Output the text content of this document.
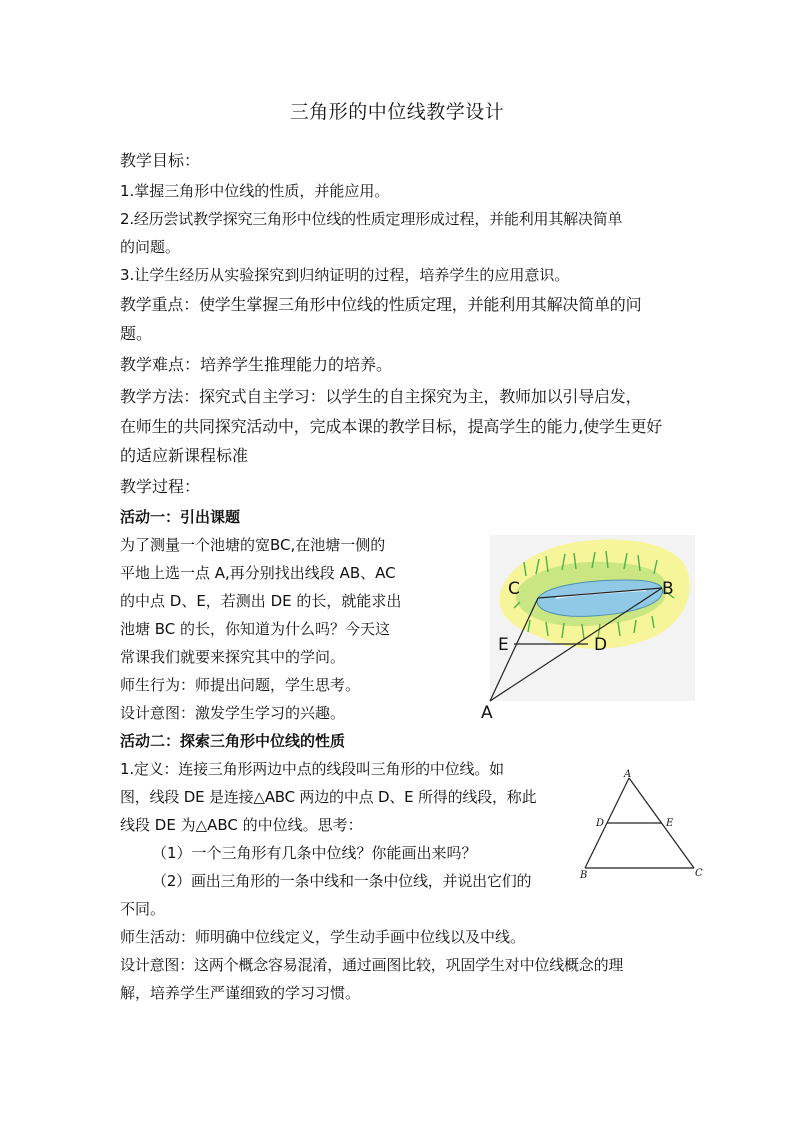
三角形的中位线教学设计
教学目标：
1.掌握三角形中位线的性质，并能应用。
2.经历尝试教学探究三角形中位线的性质定理形成过程，并能利用其解决简单
的问题。
3.让学生经历从实验探究到归纳证明的过程，培养学生的应用意识。
教学重点：使学生掌握三角形中位线的性质定理，并能利用其解决简单的问
题。
教学难点：培养学生推理能力的培养。
教学方法：探究式自主学习：以学生的自主探究为主，教师加以引导启发，
在师生的共同探究活动中，完成本课的教学目标，提高学生的能力,使学生更好
的适应新课程标准
教学过程：
活动一：引出课题
为了测量一个池塘的宽BC,在池塘一侧的
平地上选一点 A,再分别找出线段 AB、AC
的中点 D、E，若测出 DE 的长，就能求出
池塘 BC 的长，你知道为什么吗？今天这
常课我们就要来探究其中的学问。
师生行为：师提出问题，学生思考。
设计意图：激发学生学习的兴趣。
活动二：探索三角形中位线的性质
1.定义：连接三角形两边中点的线段叫三角形的中位线。如
图，线段 DE 是连接△ABC 两边的中点 D、E 所得的线段，称此
线段 DE 为△ABC 的中位线。思考：
（1）一个三角形有几条中位线？你能画出来吗？
（2）画出三角形的一条中线和一条中位线，并说出它们的
不同。
师生活动：师明确中位线定义，学生动手画中位线以及中线。
设计意图：这两个概念容易混淆，通过画图比较，巩固学生对中位线概念的理
解，培养学生严谨细致的学习习惯。
C	B
E	D
A
A
D	E
B	C
